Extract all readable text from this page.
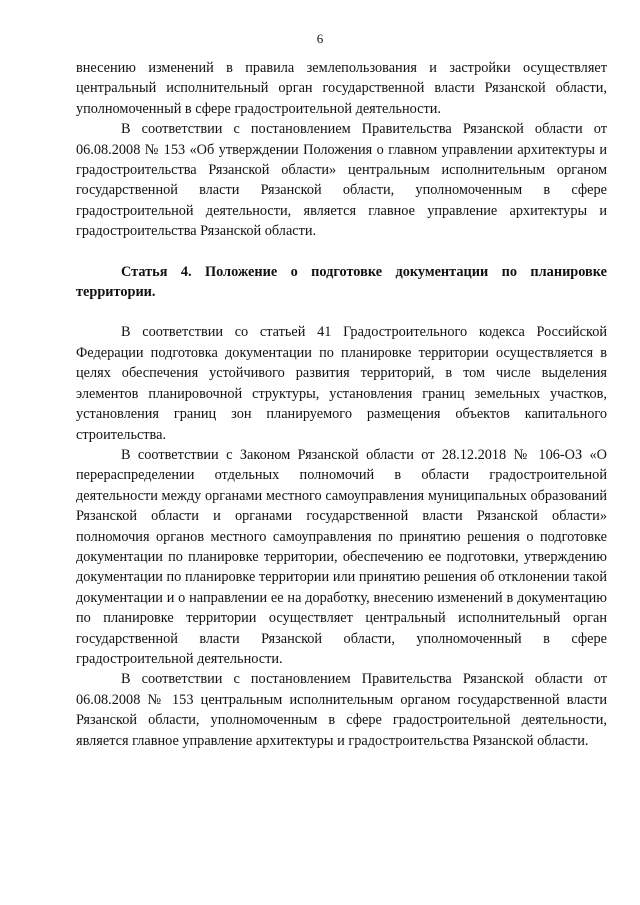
6

внесению изменений в правила землепользования и застройки осуществляет центральный исполнительный орган государственной власти Рязанской области, уполномоченный в сфере градостроительной деятельности.

В соответствии с постановлением Правительства Рязанской области от 06.08.2008 № 153 «Об утверждении Положения о главном управлении архитектуры и градостроительства Рязанской области» центральным исполнительным органом государственной власти Рязанской области, уполномоченным в сфере градостроительной деятельности, является главное управление архитектуры и градостроительства Рязанской области.

Статья 4. Положение о подготовке документации по планировке территории.

В соответствии со статьей 41 Градостроительного кодекса Российской Федерации подготовка документации по планировке территории осуществляется в целях обеспечения устойчивого развития территорий, в том числе выделения элементов планировочной структуры, установления границ земельных участков, установления границ зон планируемого размещения объектов капитального строительства.

В соответствии с Законом Рязанской области от 28.12.2018 № 106-ОЗ «О перераспределении отдельных полномочий в области градостроительной деятельности между органами местного самоуправления муниципальных образований Рязанской области и органами государственной власти Рязанской области» полномочия органов местного самоуправления по принятию решения о подготовке документации по планировке территории, обеспечению ее подготовки, утверждению документации по планировке территории или принятию решения об отклонении такой документации и о направлении ее на доработку, внесению изменений в документацию по планировке территории осуществляет центральный исполнительный орган государственной власти Рязанской области, уполномоченный в сфере градостроительной деятельности.

В соответствии с постановлением Правительства Рязанской области от 06.08.2008 № 153 центральным исполнительным органом государственной власти Рязанской области, уполномоченным в сфере градостроительной деятельности, является главное управление архитектуры и градостроительства Рязанской области.
